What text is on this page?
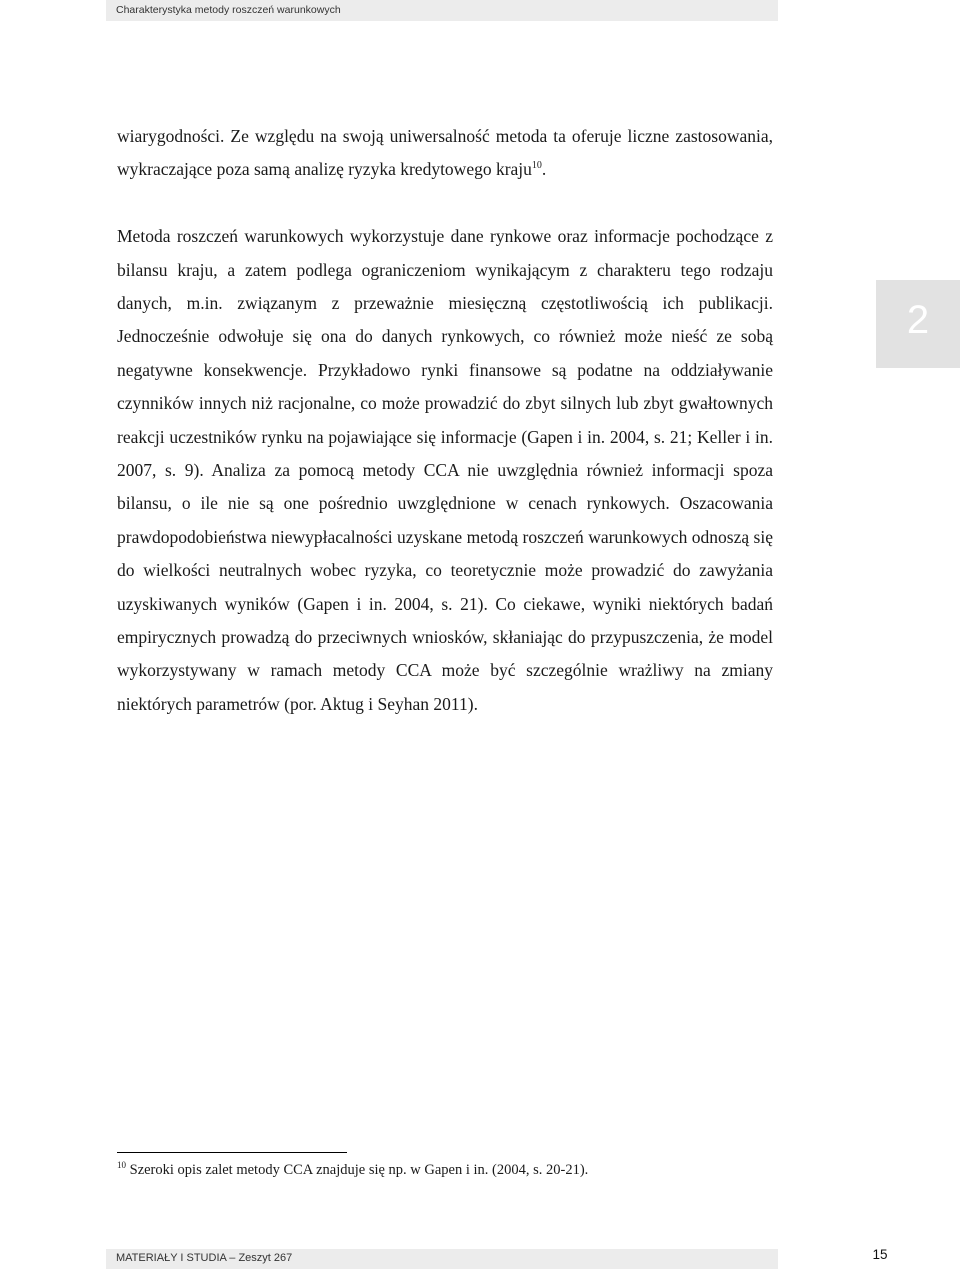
Charakterystyka metody roszczeń warunkowych

wiarygodności. Ze względu na swoją uniwersalność metoda ta oferuje liczne zastosowania, wykraczające poza samą analizę ryzyka kredytowego kraju$^{10}$.

Metoda roszczeń warunkowych wykorzystuje dane rynkowe oraz informacje pochodzące z bilansu kraju, a zatem podlega ograniczeniom wynikającym z charakteru tego rodzaju danych, m.in. związanym z przeważnie miesięczną częstotliwością ich publikacji. Jednocześnie odwołuje się ona do danych rynkowych, co również może nieść ze sobą negatywne konsekwencje. Przykładowo rynki finansowe są podatne na oddziaływanie czynników innych niż racjonalne, co może prowadzić do zbyt silnych lub zbyt gwałtownych reakcji uczestników rynku na pojawiające się informacje (Gapen i in. 2004, s. 21; Keller i in. 2007, s. 9). Analiza za pomocą metody CCA nie uwzględnia również informacji spoza bilansu, o ile nie są one pośrednio uwzględnione w cenach rynkowych. Oszacowania prawdopodobieństwa niewypłacalności uzyskane metodą roszczeń warunkowych odnoszą się do wielkości neutralnych wobec ryzyka, co teoretycznie może prowadzić do zawyżania uzyskiwanych wyników (Gapen i in. 2004, s. 21). Co ciekawe, wyniki niektórych badań empirycznych prowadzą do przeciwnych wniosków, skłaniając do przypuszczenia, że model wykorzystywany w ramach metody CCA może być szczególnie wrażliwy na zmiany niektórych parametrów (por. Aktug i Seyhan 2011).

2
$^{10}$ Szeroki opis zalet metody CCA znajduje się np. w Gapen i in. (2004, s. 20-21).
MATERIAŁY I STUDIA – Zeszyt 267	15
